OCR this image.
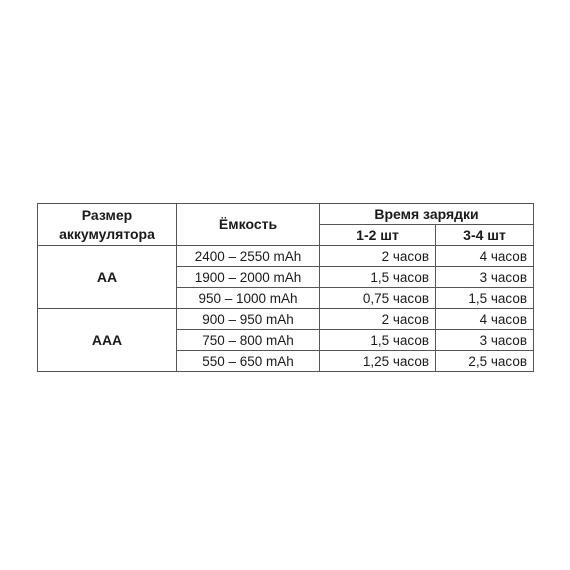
Размер
аккумулятора	Ёмкость	Время зарядки	
		1-2 шт	3-4 шт
AA	2400 – 2550 mAh	2 часов	4 часов
	1900 – 2000 mAh	1,5 часов	3 часов
	950 – 1000 mAh	0,75 часов	1,5 часов
AAA	900 – 950 mAh	2 часов	4 часов
	750 – 800 mAh	1,5 часов	3 часов
	550 – 650 mAh	1,25 часов	2,5 часов
